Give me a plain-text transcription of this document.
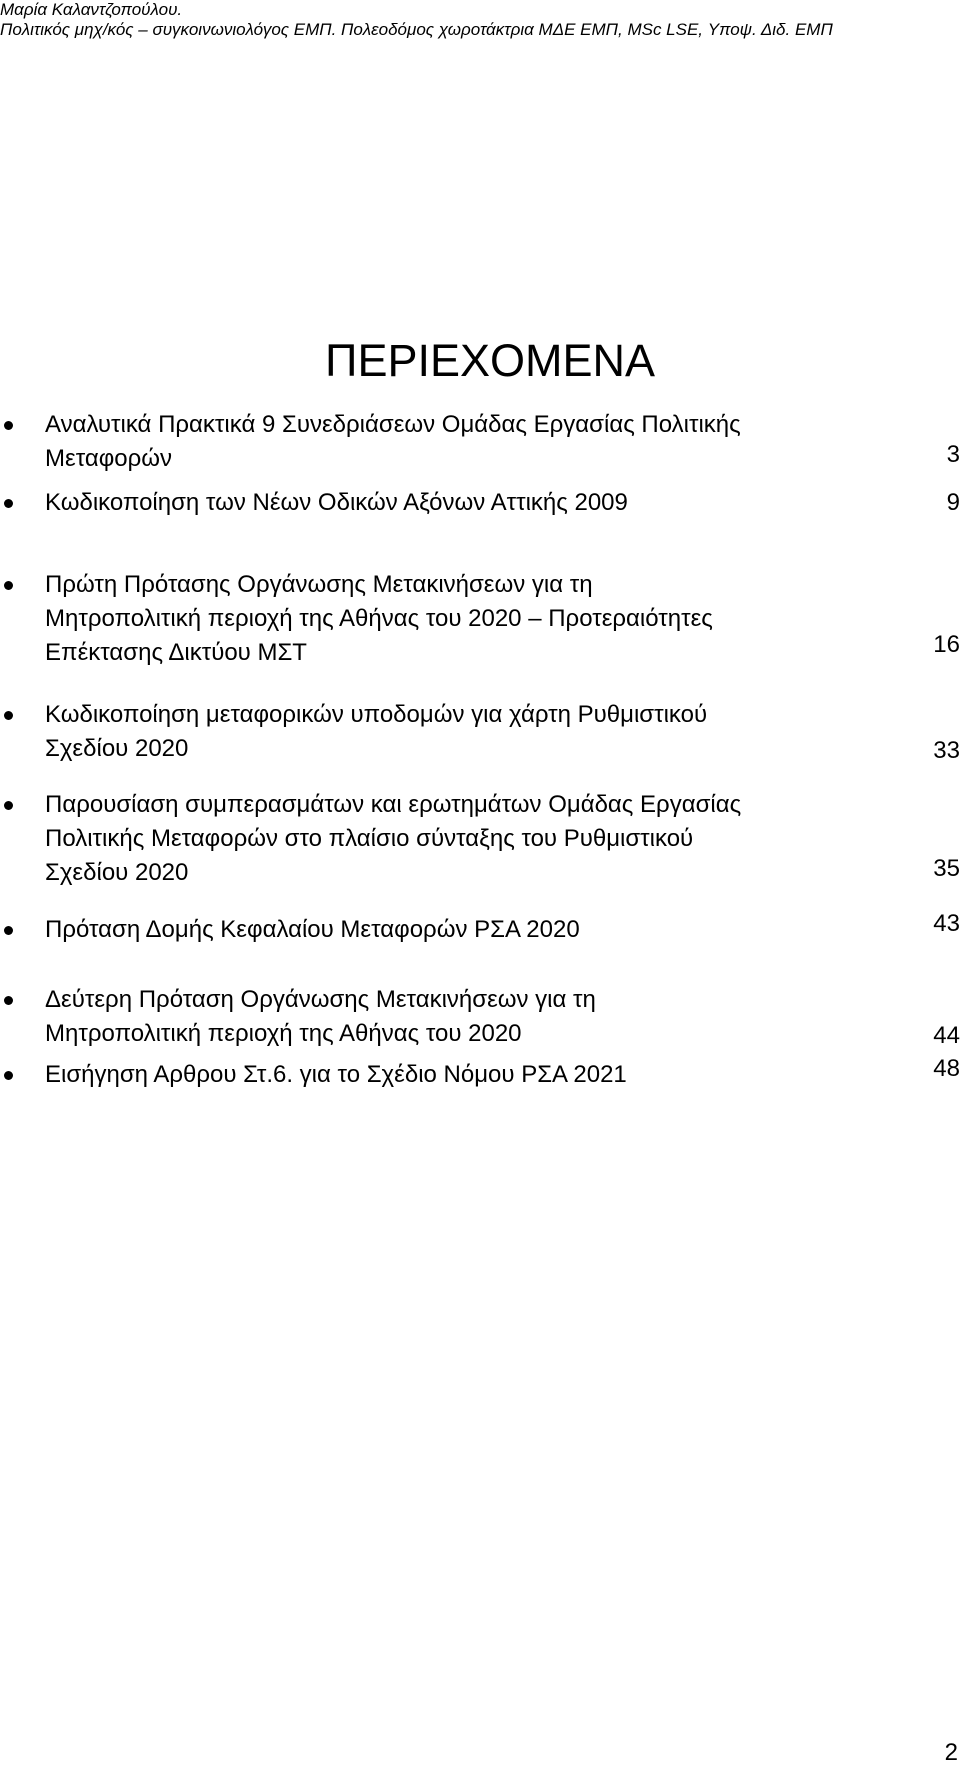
Μαρία Καλαντζοπούλου.
Πολιτικός μηχ/κός – συγκοινωνιολόγος ΕΜΠ. Πολεοδόμος χωροτάκτρια ΜΔΕ ΕΜΠ, MSc LSE, Υποψ. Διδ. ΕΜΠ
ΠΕΡΙΕΧΟΜΕΝΑ
Αναλυτικά Πρακτικά 9 Συνεδριάσεων Ομάδας Εργασίας Πολιτικής
Μεταφορών	3
Κωδικοποίηση των Νέων Οδικών Αξόνων Αττικής 2009	9
Πρώτη Πρότασης Οργάνωσης Μετακινήσεων για τη
Μητροπολιτική περιοχή της Αθήνας του 2020 – Προτεραιότητες
Επέκτασης Δικτύου ΜΣΤ	16
Κωδικοποίηση μεταφορικών υποδομών για χάρτη Ρυθμιστικού
Σχεδίου 2020	33
Παρουσίαση συμπερασμάτων και ερωτημάτων Ομάδας Εργασίας
Πολιτικής Μεταφορών στο πλαίσιο σύνταξης του Ρυθμιστικού
Σχεδίου 2020	35
Πρόταση Δομής Κεφαλαίου Μεταφορών ΡΣΑ 2020	43
Δεύτερη Πρόταση Οργάνωσης Μετακινήσεων για τη
Μητροπολιτική περιοχή της Αθήνας του 2020	44
Εισήγηση Αρθρου Στ.6. για το Σχέδιο Νόμου ΡΣΑ 2021	48
2
